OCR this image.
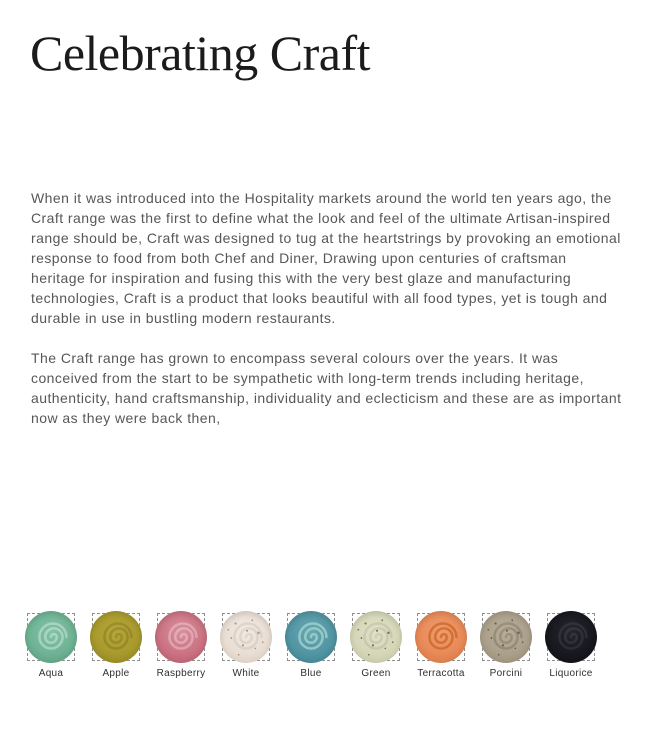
Celebrating Craft

When it was introduced into the Hospitality markets around the world ten years ago, the Craft range was the first to define what the look and feel of the ultimate Artisan-inspired range should be, Craft was designed to tug at the heartstrings by provoking an emotional response to food from both Chef and Diner, Drawing upon centuries of craftsman heritage for inspiration and fusing this with the very best glaze and manufacturing technologies, Craft is a product that looks beautiful with all food types, yet is tough and durable in use in bustling modern restaurants.

The Craft range has grown to encompass several colours over the years. It was conceived from the start to be sympathetic with long-term trends including heritage, authenticity, hand craftsmanship, individuality and eclecticism and these are as important now as they were back then,

Aqua	Apple	Raspberry	White	Blue	Green	Terracotta Porcini	Liquorice
